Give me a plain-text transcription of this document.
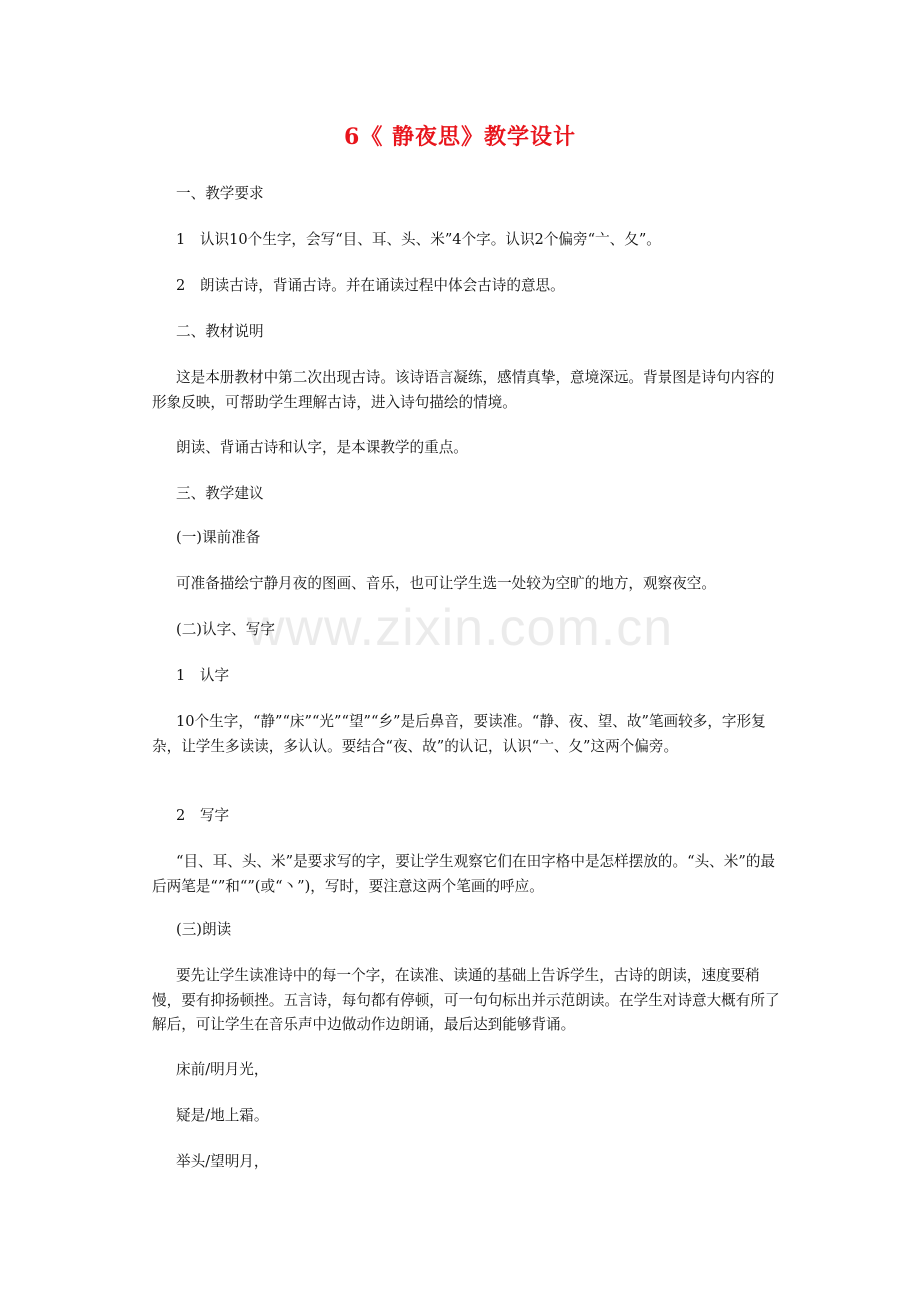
6《 静夜思》教学设计
www.zixin.com.cn

一、教学要求

1　认识10个生字，会写“目、耳、头、米”4个字。认识2个偏旁“亠、夂”。

2　朗读古诗，背诵古诗。并在诵读过程中体会古诗的意思。

二、教材说明

这是本册教材中第二次出现古诗。该诗语言凝练，感情真挚，意境深远。背景图是诗句内容的形象反映，可帮助学生理解古诗，进入诗句描绘的情境。

朗读、背诵古诗和认字，是本课教学的重点。

三、教学建议

(一)课前准备

可准备描绘宁静月夜的图画、音乐，也可让学生选一处较为空旷的地方，观察夜空。

(二)认字、写字

1　认字

10个生字，“静”“床”“光”“望”“乡”是后鼻音，要读准。“静、夜、望、故”笔画较多，字形复杂，让学生多读读，多认认。要结合“夜、故”的认记，认识“亠、夂”这两个偏旁。

2　写字

“目、耳、头、米”是要求写的字，要让学生观察它们在田字格中是怎样摆放的。“头、米”的最后两笔是“”和“”(或“丶”)，写时，要注意这两个笔画的呼应。

(三)朗读

要先让学生读准诗中的每一个字，在读准、读通的基础上告诉学生，古诗的朗读，速度要稍慢，要有抑扬顿挫。五言诗，每句都有停顿，可一句句标出并示范朗读。在学生对诗意大概有所了解后，可让学生在音乐声中边做动作边朗诵，最后达到能够背诵。

床前/明月光，

疑是/地上霜。

举头/望明月，
